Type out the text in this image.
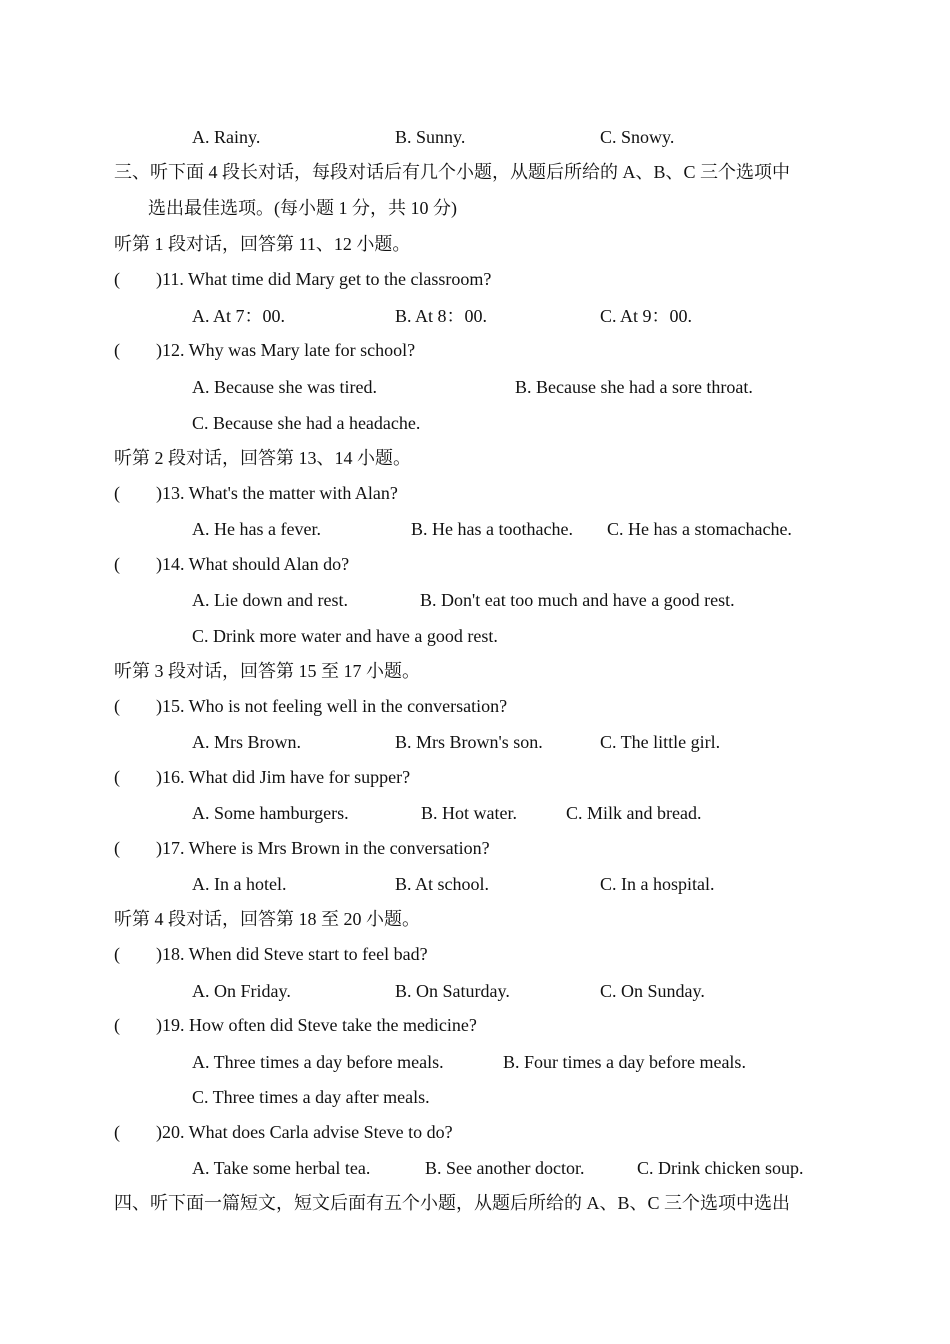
A. Rainy.	B. Sunny.	C. Snowy.
三、听下面 4 段长对话，每段对话后有几个小题，从题后所给的 A、B、C 三个选项中
选出最佳选项。(每小题 1 分，共 10 分)
听第 1 段对话，回答第 11、12 小题。
( )11. What time did Mary get to the classroom?
A. At 7：00.	B. At 8：00.	C. At 9：00.
( )12. Why was Mary late for school?
A. Because she was tired.	B. Because she had a sore throat.
C. Because she had a headache.
听第 2 段对话，回答第 13、14 小题。
( )13. What's the matter with Alan?
A. He has a fever.	B. He has a toothache. C. He has a stomachache.
( )14. What should Alan do?
A. Lie down and rest.	B. Don't eat too much and have a good rest.
C. Drink more water and have a good rest.
听第 3 段对话，回答第 15 至 17 小题。
( )15. Who is not feeling well in the conversation?
A. Mrs Brown.	B. Mrs Brown's son.	C. The little girl.
( )16. What did Jim have for supper?
A. Some hamburgers.	B. Hot water.	C. Milk and bread.
( )17. Where is Mrs Brown in the conversation?
A. In a hotel.	B. At school.	C. In a hospital.
听第 4 段对话，回答第 18 至 20 小题。
( )18. When did Steve start to feel bad?
A. On Friday.	B. On Saturday.	C. On Sunday.
( )19. How often did Steve take the medicine?
A. Three times a day before meals.	B. Four times a day before meals.
C. Three times a day after meals.
( )20. What does Carla advise Steve to do?
A. Take some herbal tea.	B. See another doctor.	C. Drink chicken soup.
四、听下面一篇短文，短文后面有五个小题，从题后所给的 A、B、C 三个选项中选出
